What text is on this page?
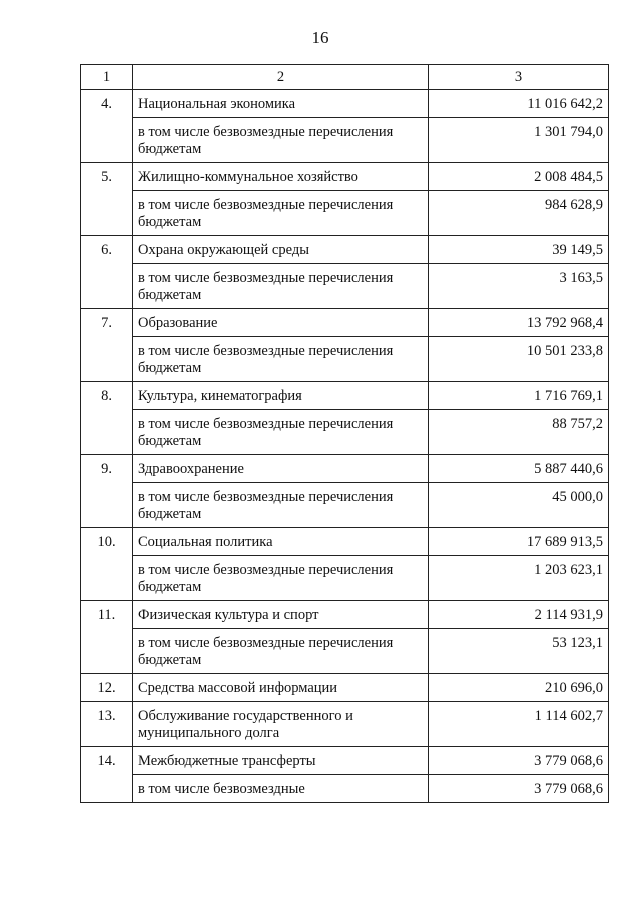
16
1	2	3
4.	Национальная экономика	11 016 642,2
	в том числе безвозмездные перечисления бюджетам	1 301 794,0
5.	Жилищно-коммунальное хозяйство	2 008 484,5
	в том числе безвозмездные перечисления бюджетам	984 628,9
6.	Охрана окружающей среды	39 149,5
	в том числе безвозмездные перечисления бюджетам	3 163,5
7.	Образование	13 792 968,4
	в том числе безвозмездные перечисления бюджетам	10 501 233,8
8.	Культура, кинематография	1 716 769,1
	в том числе безвозмездные перечисления бюджетам	88 757,2
9.	Здравоохранение	5 887 440,6
	в том числе безвозмездные перечисления бюджетам	45 000,0
10.	Социальная политика	17 689 913,5
	в том числе безвозмездные перечисления бюджетам	1 203 623,1
11.	Физическая культура и спорт	2 114 931,9
	в том числе безвозмездные перечисления бюджетам	53 123,1
12.	Средства массовой информации	210 696,0
13.	Обслуживание государственного и муниципального долга	1 114 602,7
14.	Межбюджетные трансферты	3 779 068,6
	в том числе безвозмездные	3 779 068,6
